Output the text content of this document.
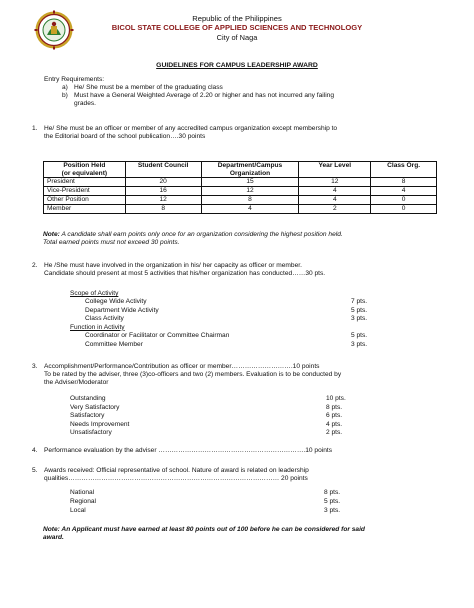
Republic of the Philippines
BICOL STATE COLLEGE OF APPLIED SCIENCES AND TECHNOLOGY
City of Naga
GUIDELINES FOR CAMPUS LEADERSHIP AWARD
Entry Requirements:
a) He/ She must be a member of the graduating class
b) Must have a General Weighted Average of 2.20 or higher and has not incurred any failing
grades.
1. He/ She must be an officer or member of any accredited campus organization except membership to
the Editorial board of the school publication….30 points
Position Held
(or equivalent)	Student Council	Department/Campus
Organization	Year Level	Class Org.
President	20	15	12	8
Vice-President	16	12	4	4
Other Position	12	8	4	0
Member	8	4	2	0
Note: A candidate shall earn points only once for an organization considering the highest position held.
Total earned points must not exceed 30 points.
2. He /She must have involved in the organization in his/ her capacity as officer or member.
Candidate should present at most 5 activities that his/her organization has conducted……30 pts.
Scope of Activity
College Wide Activity	7 pts.
Department Wide Activity	5 pts.
Class Activity	3 pts.
Function in Activity
Coordinator or Facilitator or Committee Chairman	5 pts.
Committee Member	3 pts.
3. Accomplishment/Performance/Contribution as officer or member……………………….10 points
To be rated by the adviser, three (3)co-officers and two (2) members. Evaluation is to be conducted by
the Adviser/Moderator
Outstanding	10 pts.
Very Satisfactory	8 pts.
Satisfactory	6 pts.
Needs Improvement	4 pts.
Unsatisfactory	2 pts.
4. Performance evaluation by the adviser ………………………………………………………….10 points
5. Awards received: Official representative of school. Nature of award is related on leadership
qualities…………………………………………………………………………………… 20 points
National	8 pts.
Regional	5 pts.
Local	3 pts.
Note: An Applicant must have earned at least 80 points out of 100 before he can be considered for said
award.
